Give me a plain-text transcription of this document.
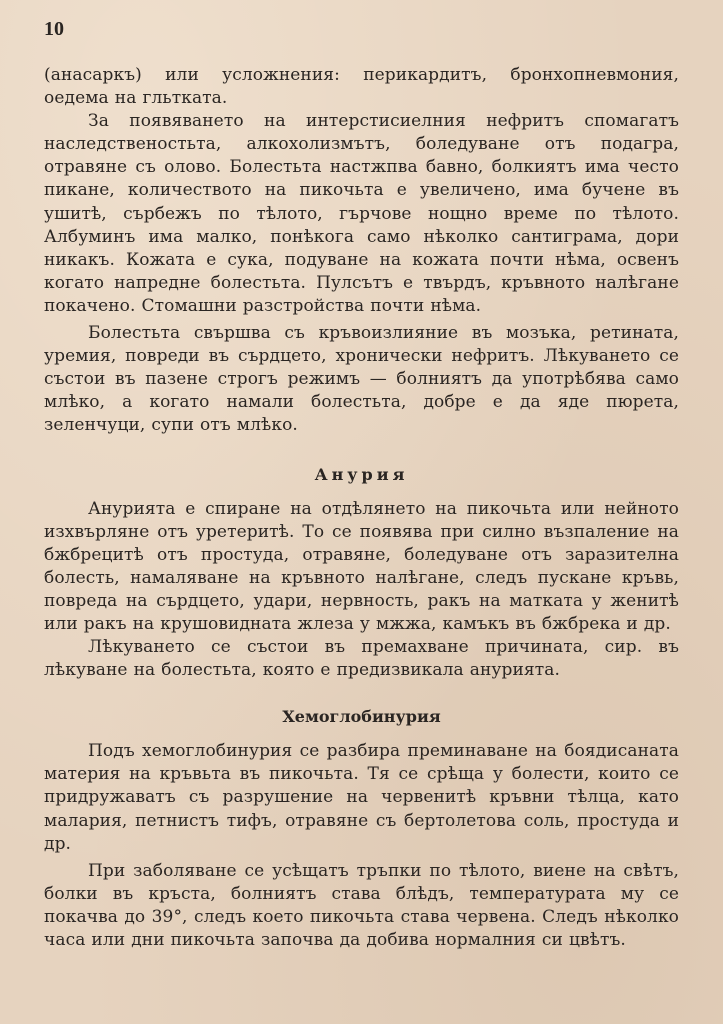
10

(анасаркъ) или усложнения: перикардитъ, бронхопневмония, оедема на гльтката.

За появяването на интерстисиелния нефритъ спомагатъ наследственостьта, алкохолизмътъ, боледуване отъ подагра, отравяне съ олово. Болестьта настжпва бавно, болкиятъ има често пикане, количеството на пикочьта е увеличено, има бучене въ ушитѣ, сърбежъ по тѣлото, гърчове нощно време по тѣлото. Албуминъ има малко, понѣкога само нѣколко сантиграма, дори никакъ. Кожата е сука, подуване на кожата почти нѣма, освенъ когато напредне болестьта. Пулсътъ е твърдъ, кръвното налѣгане покачено. Стомашни разстройства почти нѣма.

Болестьта свършва съ кръвоизлияние въ мозъка, ретината, уремия, повреди въ сърдцето, хронически нефритъ. Лѣкуването се състои въ пазене строгъ режимъ — болниятъ да употрѣбява само млѣко, а когато намали болестьта, добре е да яде пюрета, зеленчуци, супи отъ млѣко.

Анурия

Анурията е спиране на отдѣлянето на пикочьта или нейното изхвърляне отъ уретеритѣ. То се появява при силно възпаление на бжбрецитѣ отъ простуда, отравяне, боледуване отъ заразителна болесть, намаляване на кръвното налѣгане, следъ пускане кръвь, повреда на сърдцето, удари, нервность, ракъ на матката у женитѣ или ракъ на крушовидната жлеза у мжжа, камъкъ въ бжбрека и др.

Лѣкуването се състои въ премахване причината, сир. въ лѣкуване на болестьта, която е предизвикала анурията.

Хемоглобинурия

Подъ хемоглобинурия се разбира преминаване на боядисаната материя на кръвьта въ пикочьта. Тя се срѣща у болести, които се придружаватъ съ разрушение на червенитѣ кръвни тѣлца, като малария, петнистъ тифъ, отравяне съ бертолетова соль, простуда и др.

При заболяване се усѣщатъ тръпки по тѣлото, виене на свѣтъ, болки въ кръста, болниятъ става блѣдъ, температурата му се покачва до 39°, следъ което пикочьта става червена. Следъ нѣколко часа или дни пикочьта започва да добива нормалния си цвѣтъ.
